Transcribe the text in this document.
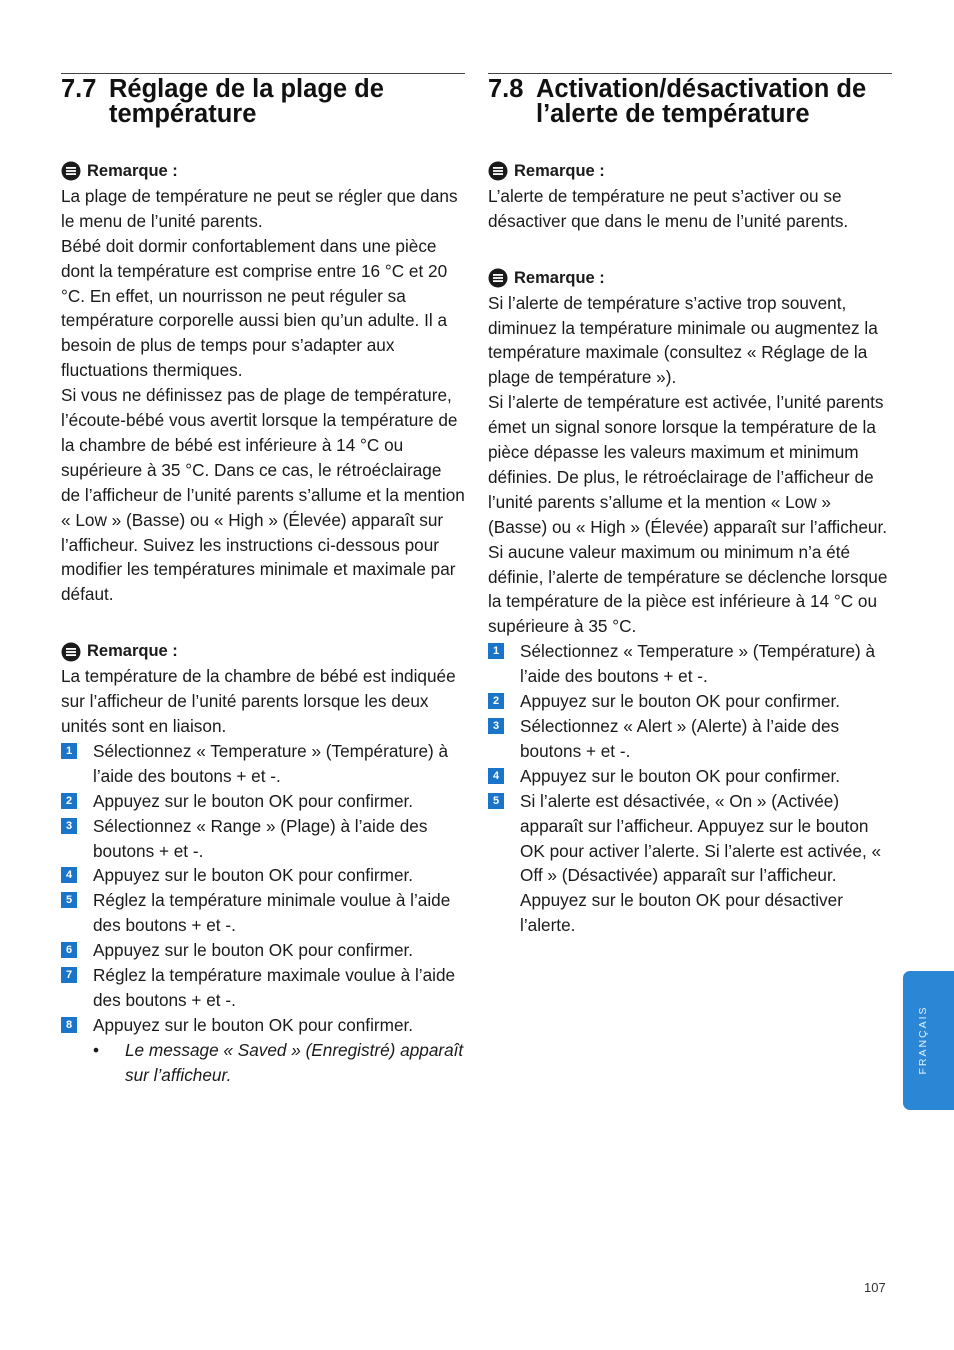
7.7 Réglage de la plage de température
Remarque :

La plage de température ne peut se régler que dans le menu de l’unité parents.

Bébé doit dormir confortablement dans une pièce dont la température est comprise entre 16 °C et 20 °C. En effet, un nourrisson ne peut réguler sa température corporelle aussi bien qu’un adulte. Il a besoin de plus de temps pour s’adapter aux fluctuations thermiques.

Si vous ne définissez pas de plage de température, l’écoute-bébé vous avertit lorsque la température de la chambre de bébé est inférieure à 14 °C ou supérieure à 35 °C. Dans ce cas, le rétroéclairage de l’afficheur de l’unité parents s’allume et la mention « Low » (Basse) ou « High » (Élevée) apparaît sur l’afficheur. Suivez les instructions ci-dessous pour modifier les températures minimale et maximale par défaut.

Remarque :

La température de la chambre de bébé est indiquée sur l’afficheur de l’unité parents lorsque les deux unités sont en liaison.

1 Sélectionnez « Temperature » (Température) à l’aide des boutons + et -.
2 Appuyez sur le bouton OK pour confirmer.
3 Sélectionnez « Range » (Plage) à l’aide des boutons + et -.
4 Appuyez sur le bouton OK pour confirmer.
5 Réglez la température minimale voulue à l’aide des boutons + et -.
6 Appuyez sur le bouton OK pour confirmer.
7 Réglez la température maximale voulue à l’aide des boutons + et -.
8 Appuyez sur le bouton OK pour confirmer.
•	Le message « Saved » (Enregistré) apparaît sur l’afficheur.
7.8 Activation/désactivation de l’alerte de température
Remarque :

L’alerte de température ne peut s’activer ou se désactiver que dans le menu de l’unité parents.

Remarque :

Si l’alerte de température s’active trop souvent, diminuez la température minimale ou augmentez la température maximale (consultez « Réglage de la plage de température »).

Si l’alerte de température est activée, l’unité parents émet un signal sonore lorsque la température de la pièce dépasse les valeurs maximum et minimum définies. De plus, le rétroéclairage de l’afficheur de l’unité parents s’allume et la mention « Low » (Basse) ou « High » (Élevée) apparaît sur l’afficheur. Si aucune valeur maximum ou minimum n’a été définie, l’alerte de température se déclenche lorsque la température de la pièce est inférieure à 14 °C ou supérieure à 35 °C.

1 Sélectionnez « Temperature » (Température) à l’aide des boutons + et -.
2 Appuyez sur le bouton OK pour confirmer.
3 Sélectionnez « Alert » (Alerte) à l’aide des boutons + et -.
4 Appuyez sur le bouton OK pour confirmer.
5 Si l’alerte est désactivée, « On » (Activée) apparaît sur l’afficheur. Appuyez sur le bouton OK pour activer l’alerte. Si l’alerte est activée, « Off » (Désactivée) apparaît sur l’afficheur. Appuyez sur le bouton OK pour désactiver l’alerte.
FRANÇAIS
107
